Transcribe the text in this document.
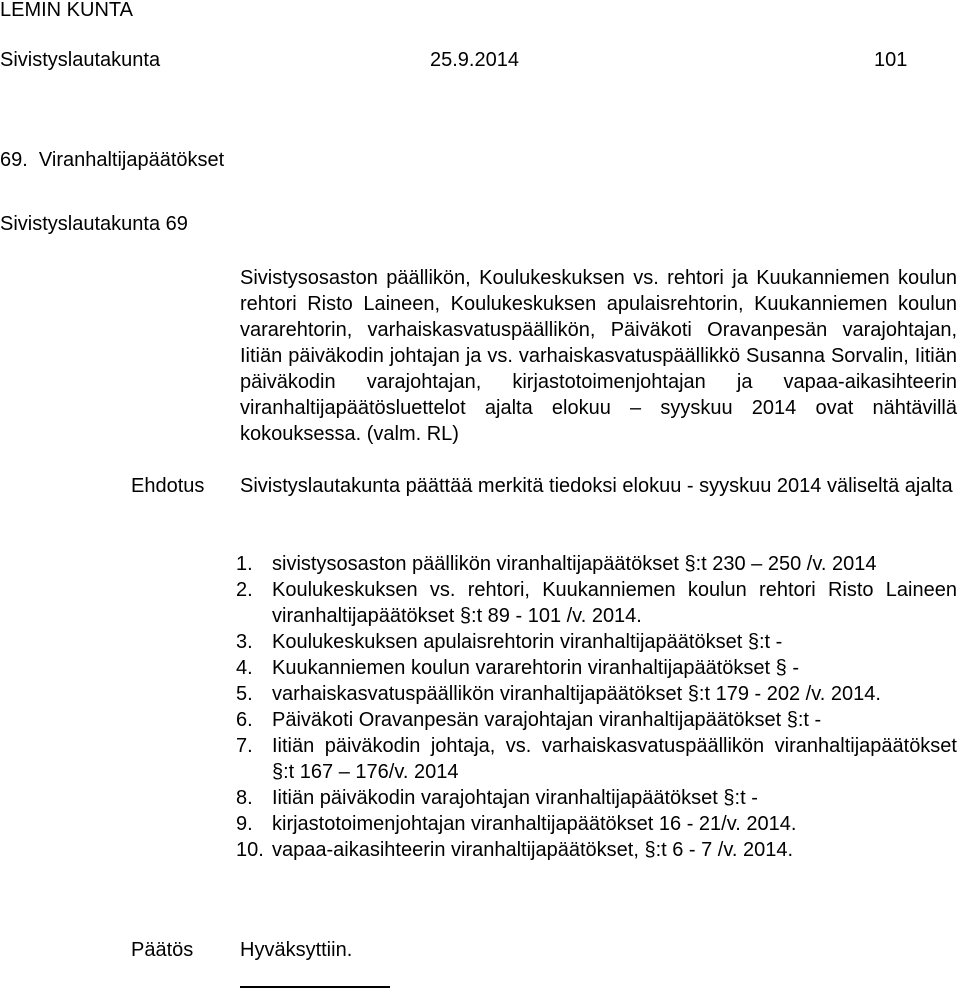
LEMIN KUNTA
Sivistyslautakunta	25.9.2014	101
69.  Viranhaltijapäätökset
Sivistyslautakunta 69
Sivistysosaston päällikön, Koulukeskuksen vs. rehtori ja Kuukanniemen koulun rehtori Risto Laineen, Koulukeskuksen apulaisrehtorin, Kuukanniemen koulun vararehtorin, varhaiskasvatuspäällikön, Päiväkoti Oravanpesän varajohtajan, Iitiän päiväkodin johtajan ja vs. varhaiskasvatuspäällikkö Susanna Sorvalin, Iitiän päiväkodin varajohtajan, kirjastotoimenjohtajan ja vapaa-aikasihteerin viranhaltijapäätösluettelot ajalta elokuu – syyskuu 2014 ovat nähtävillä kokouksessa. (valm. RL)
Ehdotus Sivistyslautakunta päättää merkitä tiedoksi elokuu - syyskuu 2014 väliseltä ajalta
1. sivistysosaston päällikön viranhaltijapäätökset §:t 230 – 250 /v. 2014
2. Koulukeskuksen vs. rehtori, Kuukanniemen koulun rehtori Risto Laineen viranhaltijapäätökset §:t 89 - 101 /v. 2014.
3. Koulukeskuksen apulaisrehtorin viranhaltijapäätökset §:t -
4. Kuukanniemen koulun vararehtorin viranhaltijapäätökset § -
5. varhaiskasvatuspäällikön viranhaltijapäätökset §:t 179 - 202 /v. 2014.
6. Päiväkoti Oravanpesän varajohtajan viranhaltijapäätökset §:t -
7. Iitiän päiväkodin johtaja, vs. varhaiskasvatuspäällikön viranhaltijapäätökset §:t 167 – 176/v. 2014
8. Iitiän päiväkodin varajohtajan viranhaltijapäätökset §:t -
9. kirjastotoimenjohtajan viranhaltijapäätökset 16 - 21/v. 2014.
10. vapaa-aikasihteerin viranhaltijapäätökset, §:t 6 - 7 /v. 2014.
Päätös Hyväksyttiin.
